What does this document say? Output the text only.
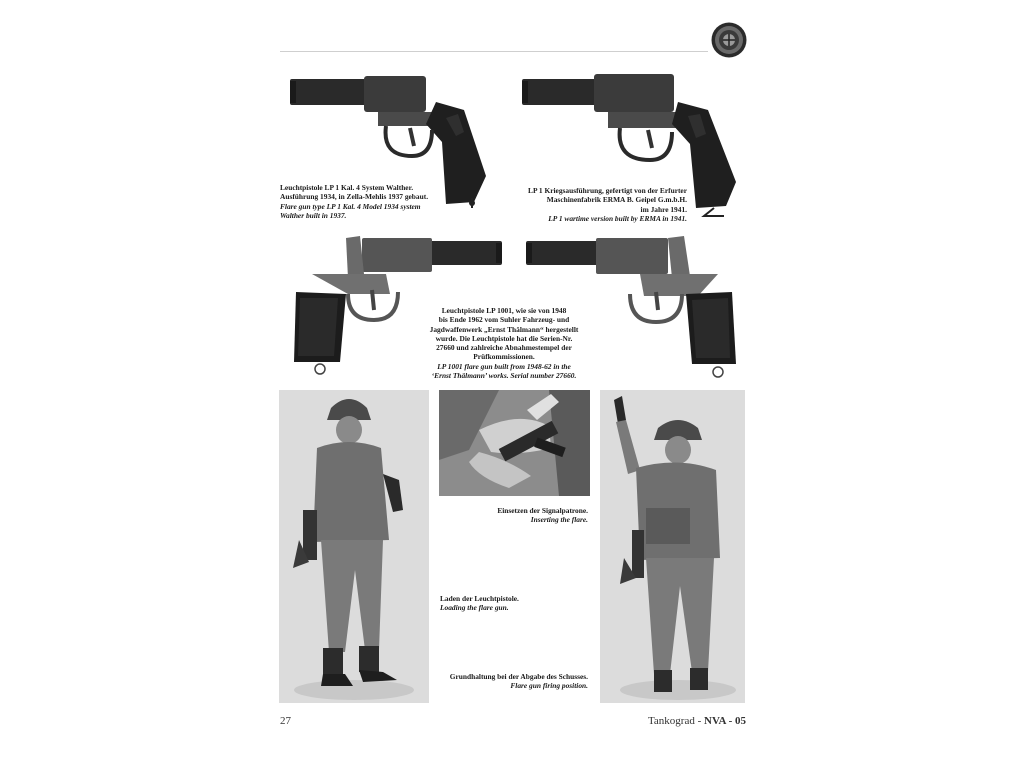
Leuchtpistole LP 1 Kal. 4 System Walther.
Ausführung 1934, in Zella-Mehlis 1937 gebaut.
Flare gun type LP 1 Kal. 4 Model 1934 system
Walther built in 1937.
LP 1 Kriegsausführung, gefertigt von der Erfurter
Maschinenfabrik ERMA B. Geipel G.m.b.H.
im Jahre 1941.
LP 1 wartime version built by ERMA in 1941.
Leuchtpistole LP 1001, wie sie von 1948
bis Ende 1962 vom Suhler Fahrzeug- und
Jagdwaffenwerk „Ernst Thälmann“ hergestellt
wurde. Die Leuchtpistole hat die Serien-Nr.
27660 und zahlreiche Abnahmestempel der
Prüfkommissionen.
LP 1001 flare gun built from 1948-62 in the
‘Ernst Thälmann’ works. Serial number 27660.
Einsetzen der Signalpatrone.
Inserting the flare.
Laden der Leuchtpistole.
Loading the flare gun.
Grundhaltung bei der Abgabe des Schusses.
Flare gun firing position.
27	Tankograd - NVA - 05
